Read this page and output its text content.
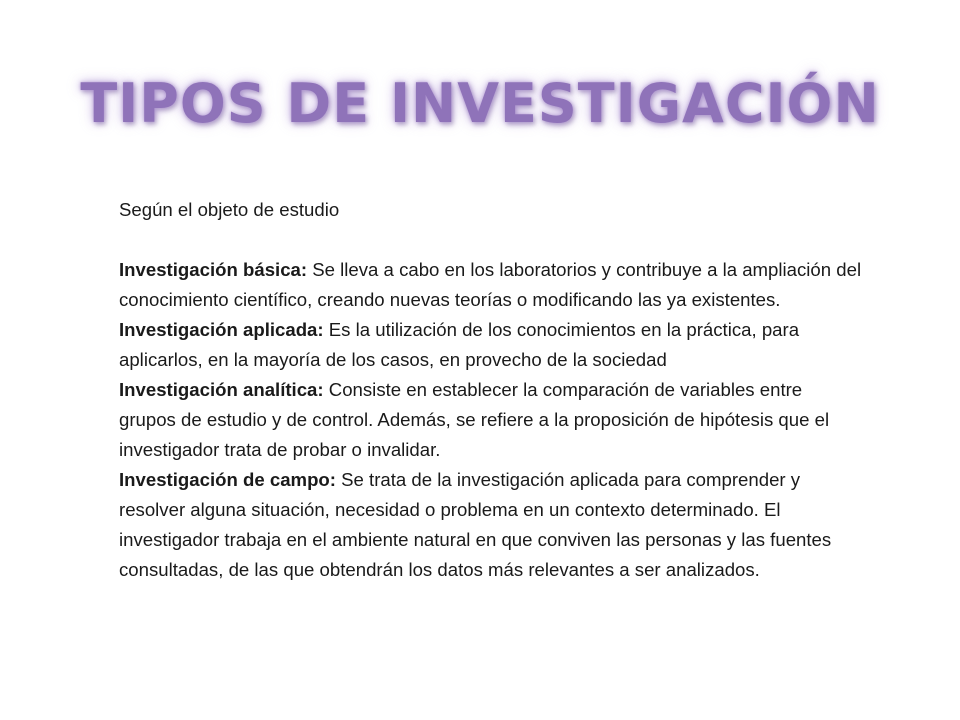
TIPOS DE INVESTIGACIÓN

Según el objeto de estudio

Investigación básica: Se lleva a cabo en los laboratorios y contribuye a la ampliación del conocimiento científico, creando nuevas teorías o modificando las ya existentes.

Investigación aplicada: Es la utilización de los conocimientos en la práctica, para aplicarlos, en la mayoría de los casos, en provecho de la sociedad

Investigación analítica: Consiste en establecer la comparación de variables entre grupos de estudio y de control. Además, se refiere a la proposición de hipótesis que el investigador trata de probar o invalidar.

Investigación de campo: Se trata de la investigación aplicada para comprender y resolver alguna situación, necesidad o problema en un contexto determinado. El investigador trabaja en el ambiente natural en que conviven las personas y las fuentes consultadas, de las que obtendrán los datos más relevantes a ser analizados.
